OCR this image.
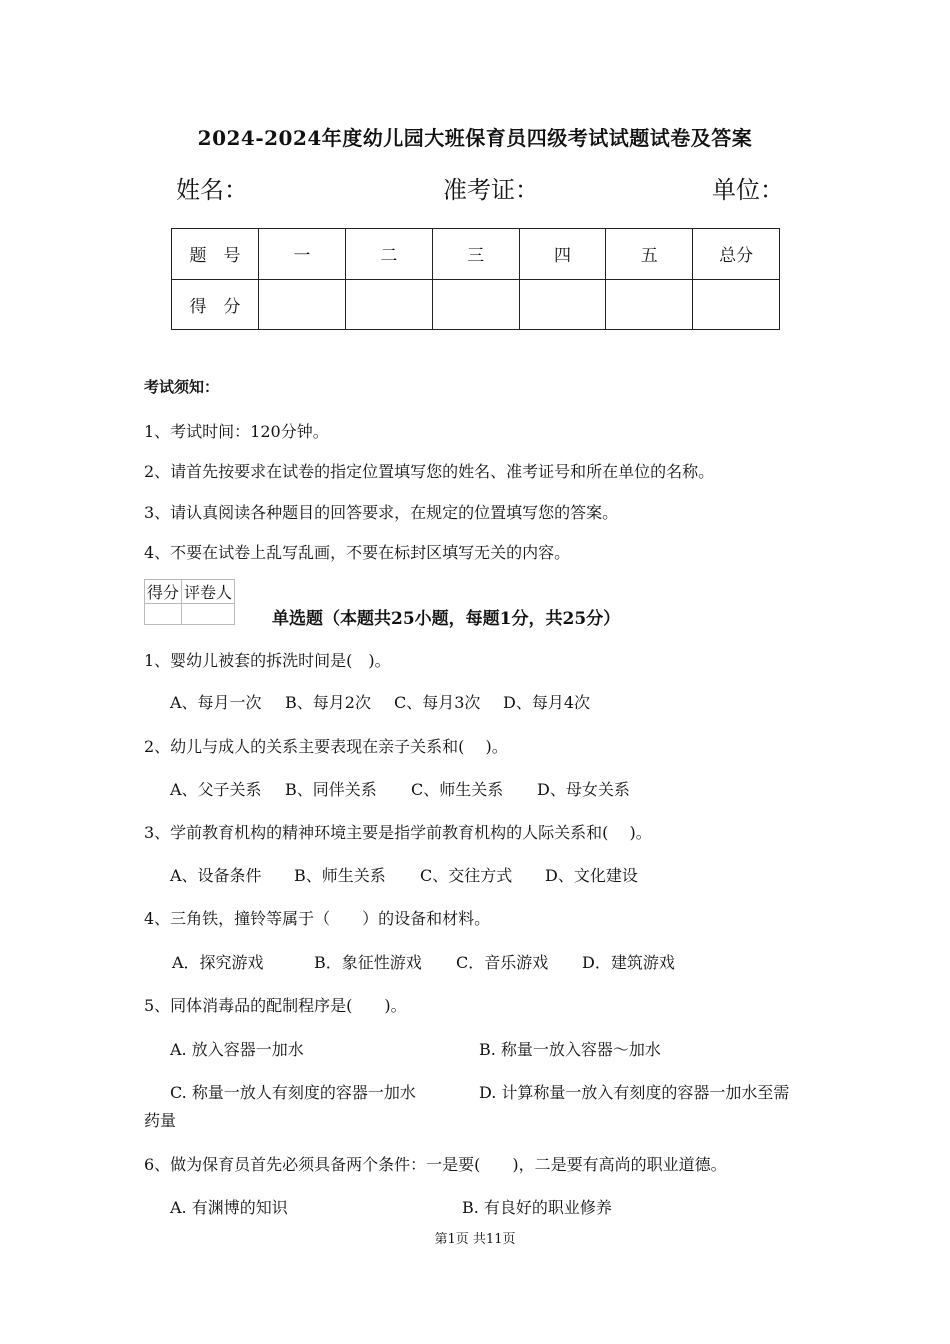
2024-2024年度幼儿园大班保育员四级考试试题试卷及答案
姓名：	准考证：	单位：
题　号	一	二	三	四	五	总分
得　分						
考试须知：
1、考试时间：120分钟。
2、请首先按要求在试卷的指定位置填写您的姓名、准考证号和所在单位的名称。
3、请认真阅读各种题目的回答要求，在规定的位置填写您的答案。
4、不要在试卷上乱写乱画，不要在标封区填写无关的内容。
得分	评卷人

单选题（本题共25小题，每题1分，共25分）
1、婴幼儿被套的拆洗时间是(　)。
A、每月一次 B、每月2次 C、每月3次 D、每月4次
2、幼儿与成人的关系主要表现在亲子关系和(　 )。
A、父子关系 B、同伴关系 C、师生关系 D、母女关系
3、学前教育机构的精神环境主要是指学前教育机构的人际关系和(　 )。
A、设备条件 B、师生关系 C、交往方式 D、文化建设
4、三角铁，撞铃等属于（　　）的设备和材料。
A．探究游戏	B．象征性游戏 C．音乐游戏 D．建筑游戏
5、同体消毒品的配制程序是(　　)。
A. 放入容器一加水	B. 称量一放入容器～加水
C. 称量一放人有刻度的容器一加水	D. 计算称量一放入有刻度的容器一加水至需
药量
6、做为保育员首先必须具备两个条件：一是要(　　)，二是要有高尚的职业道德。
A. 有渊博的知识	B. 有良好的职业修养
第1页 共11页
